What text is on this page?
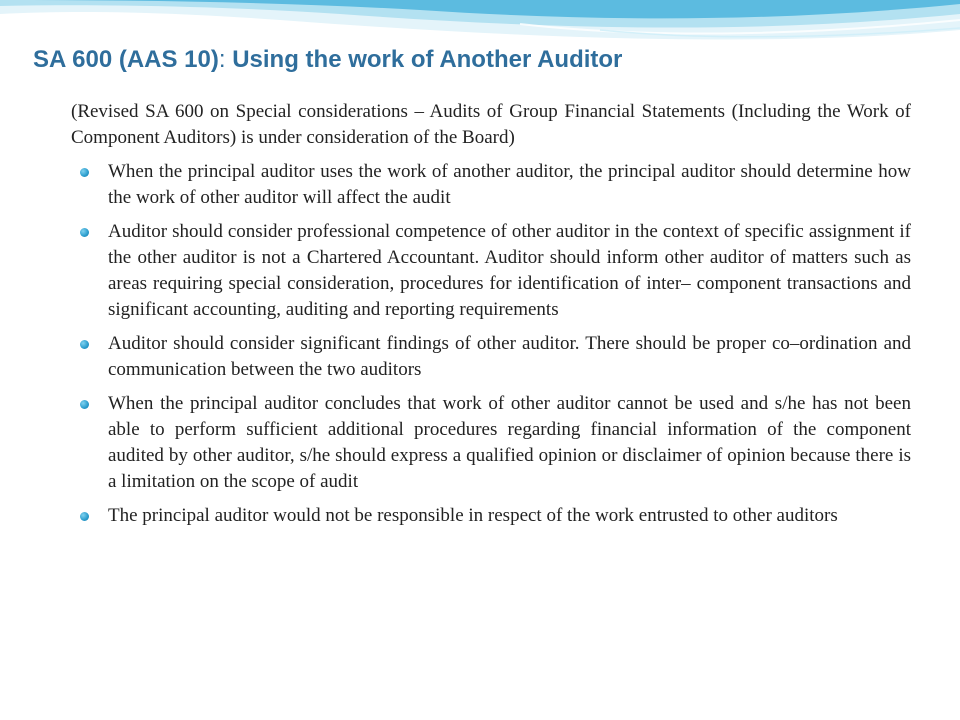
SA 600 (AAS 10): Using the work of Another Auditor

(Revised SA 600 on Special considerations – Audits of Group Financial Statements (Including the Work of Component Auditors) is under consideration of the Board)

When the principal auditor uses the work of another auditor, the principal auditor should determine how the work of other auditor will affect the audit
Auditor should consider professional competence of other auditor in the context of specific assignment if the other auditor is not a Chartered Accountant. Auditor should inform other auditor of matters such as areas requiring special consideration, procedures for identification of inter– component transactions and significant accounting, auditing and reporting requirements
Auditor should consider significant findings of other auditor. There should be proper co–ordination and communication between the two auditors
When the principal auditor concludes that work of other auditor cannot be used and s/he has not been able to perform sufficient additional procedures regarding financial information of the component audited by other auditor, s/he should express a qualified opinion or disclaimer of opinion because there is a limitation on the scope of audit
The principal auditor would not be responsible in respect of the work entrusted to other auditors
